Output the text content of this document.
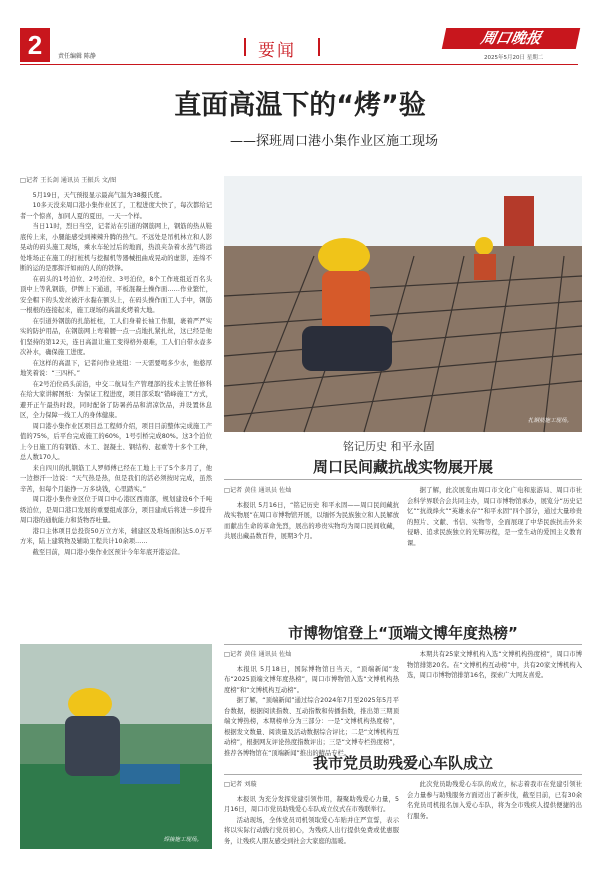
2	责任编辑 陈静	要闻
周口晚报
2025年5月20日 星期二
直面高温下的“烤”验
——探班周口港小集作业区施工现场
□记者 王长剑 通讯员 王振兵 文/图

5月19日，天气预报显示最高气温为38摄氏度。

10多天没来周口港小集作业区了，工程进度大快了，每次都给记者一个惊喜，加同人夏的夏田，一天一个样。

当日11时，烈日当空，记者站在引道的钢筋网上，钢筋的热从鞋底传上来，小腿能感受到辣辣升腾的热气。不远处是吊机林立和人影晃动的码头施工现场，乘水车轮过后的地面，热浪夹杂着水蒸气将远处堆场正在施工的打桩机与挖掘机等器械扭曲成晃动的虚影，连绵不断的运的是那挥汗如雨的人的的铁锋。

在码头的1号泊位、2号泊位、3号泊位，8个工作班组近百名头顶中上等乳钢筋，伊牌上下通道，平板混凝土操作面……作业繁忙，安全帽下的头发丝被汗水黏在额头上，在码头操作面工人手中，钢筋一根根的连接起来，施工现场的高温炙烤着大地。

在引道外钢筋的扎筋桩柱，工人们身着长袖工作服，裹着严严实实的防护用品，在钢筋网上弯着腰一点一点地扎紧扎丝，这已经是他们坚持的第12天，连日高温让施工变得格外艰难，工人们自带水壶多次补水，确保施工进度。

在这样的高温下，记者问作业班组：一天需要喝多少水，他憨厚地笑着说：“三四杯。”

在2号泊位码头前沿，中交二航局生产管理部的技术主管任修科在给大家讲解图纸：为保证工程进度，项目部采取“错峰施工”方式，避开正午最热时段，同时配备了防暑药品和清凉饮品，并设置休息区，全力保障一线工人的身体健康。

周口港小集作业区项目总工程师介绍，项目目前整体完成施工产值的75%，后平台完成施工的60%，1号引桥完成80%。这3个泊位上今日施工的有钢筋、木工、混凝土、钢结构、起重等十多个工种，总人数170人。

来自四川的扎钢筋工人罗师傅已经在工地上干了5个多月了，他一边擦汗一边说：“天气热是热，但是我们的活必须按时完成，虽然辛苦，但每个月能挣一万多块钱，心里踏实。”

周口港小集作业区位于周口中心港区西南部，规划建设6个千吨级泊位，是周口港口发展的重要组成部分，项目建成后将进一步提升周口港的通航能力和货物吞吐量。

港口主体项目总投资50万立方米，辅建区及堆场面积达5.0万平方米，陆上建筑物及辅助工程共计10余项……

截至目前，周口港小集作业区预计今年年底开港运营。

扎钢筋施工现场。
焊接施工现场。
铭记历史 和平永固
周口民间藏抗战实物展开展
□记者 黄佳 通讯员 佐灿

本报讯 5月16日，“铭记历史 和平永固——周口民间藏抗战实物展”在周口市博物馆开展，以缅怀为民族独立和人民解放而献出生命的革命先烈，展出的珍贵实物均为周口民间收藏，共展出藏品数百件，展期3个月。

据了解，此次展览由周口市文化广电和旅游局、周口市社会科学界联合会共同主办，周口市博物馆承办，展览分“历史记忆”“抗战烽火”“英雄永存”“和平永固”四个部分，通过大量珍贵的照片、文献、书信、实物等，全面展现了中华民族抗击外来侵略、追求民族独立的光辉历程，是一堂生动的爱国主义教育课。

市博物馆登上“顶端文博年度热榜”
□记者 黄佳 通讯员 佐灿

本报讯 5月18日，国际博物馆日当天，“顶端新闻”发布“2025顶端文博年度热榜”，周口市博物馆入选“文博机构热度榜”和“文博机构互动榜”。

据了解，“顶端新闻”通过综合2024年7月至2025年5月平台数据，根据阅读指数、互动指数和传播指数，推出第三期顶端文博热榜，本期榜单分为三部分：一是“文博机构热度榜”，根据发文数量、阅读量及活动数据综合评比；二是“文博机构互动榜”，根据网友评论热度指数评出；三是“文博专栏热度榜”，推荐各博物馆在“顶端新闻”推出的精品专栏。

本期共有25家文博机构入选“文博机构热度榜”，周口市博物馆排第20名。在“文博机构互动榜”中，共有20家文博机构入选，周口市博物馆排第16名，探索广大网友喜爱。

我市党员助残爱心车队成立
□记者 刘璇

本报讯 为充分发挥党建引领作用，凝聚助残爱心力量，5月16日，周口市党员助残爱心车队成立仪式在市残联举行。

活动现场，全体党员司机领取爱心车贴并庄严宣誓，表示将以实际行动践行党员初心，为残疾人出行提供免费或优惠服务，让残疾人朋友感受到社会大家庭的温暖。

此次党员助残爱心车队的成立，标志着我市在党建引领社会力量参与助残服务方面迈出了新步伐，截至目前，已有30余名党员司机报名加入爱心车队，将为全市残疾人提供便捷的出行服务。
